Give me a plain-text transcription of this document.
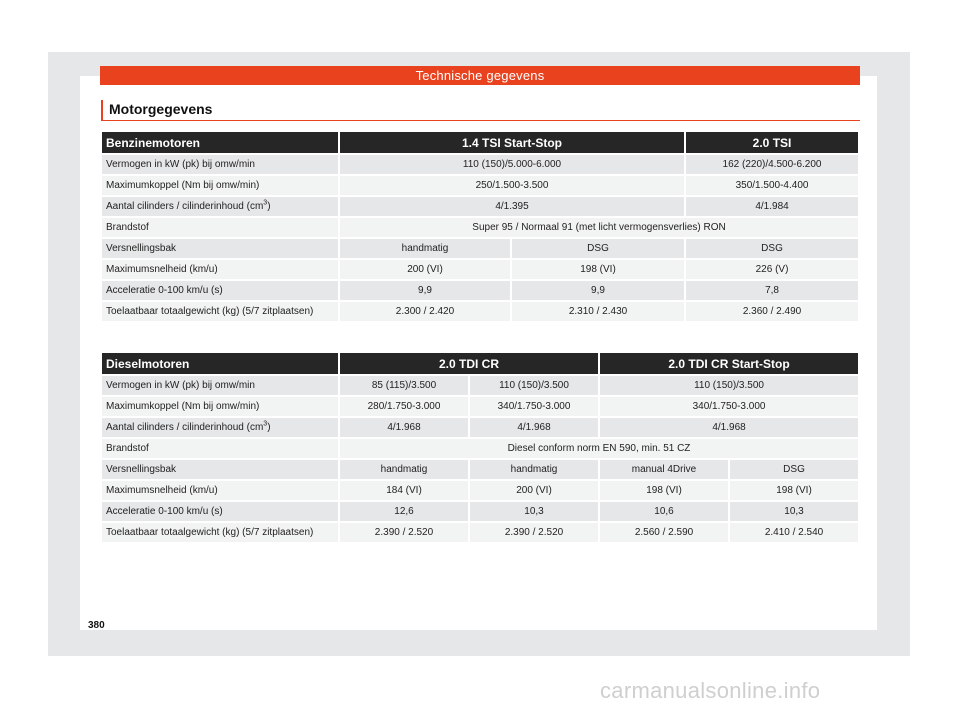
Technische gegevens
Motorgegevens
Benzinemotoren	1.4 TSI Start-Stop		2.0 TSI
Vermogen in kW (pk) bij omw/min	110 (150)/5.000-6.000		162 (220)/4.500-6.200
Maximumkoppel (Nm bij omw/min)	250/1.500-3.500		350/1.500-4.400
Aantal cilinders / cilinderinhoud $(cm^3)$	4/1.395		4/1.984
Brandstof	Super 95 / Normaal 91 (met licht vermogensverlies) RON		
Versnellingsbak	handmatig	DSG	DSG
Maximumsnelheid (km/u)	200 (VI)	198 (VI)	226 (V)
Acceleratie 0-100 km/u (s)	9,9	9,9	7,8
Toelaatbaar totaalgewicht (kg) (5/7 zitplaatsen)	2.300 / 2.420	2.310 / 2.430	2.360 / 2.490
Dieselmotoren	2.0 TDI CR		2.0 TDI CR Start-Stop	
Vermogen in kW (pk) bij omw/min	85 (115)/3.500	110 (150)/3.500	110 (150)/3.500	
Maximumkoppel (Nm bij omw/min)	280/1.750-3.000	340/1.750-3.000	340/1.750-3.000	
Aantal cilinders / cilinderinhoud $(cm^3)$	4/1.968	4/1.968	4/1.968	
Brandstof	Diesel conform norm EN 590, min. 51 CZ			
Versnellingsbak	handmatig	handmatig	manual 4Drive	DSG
Maximumsnelheid (km/u)	184 (VI)	200 (VI)	198 (VI)	198 (VI)
Acceleratie 0-100 km/u (s)	12,6	10,3	10,6	10,3
Toelaatbaar totaalgewicht (kg) (5/7 zitplaatsen)	2.390 / 2.520	2.390 / 2.520	2.560 / 2.590	2.410 / 2.540
380
carmanualsonline.info
